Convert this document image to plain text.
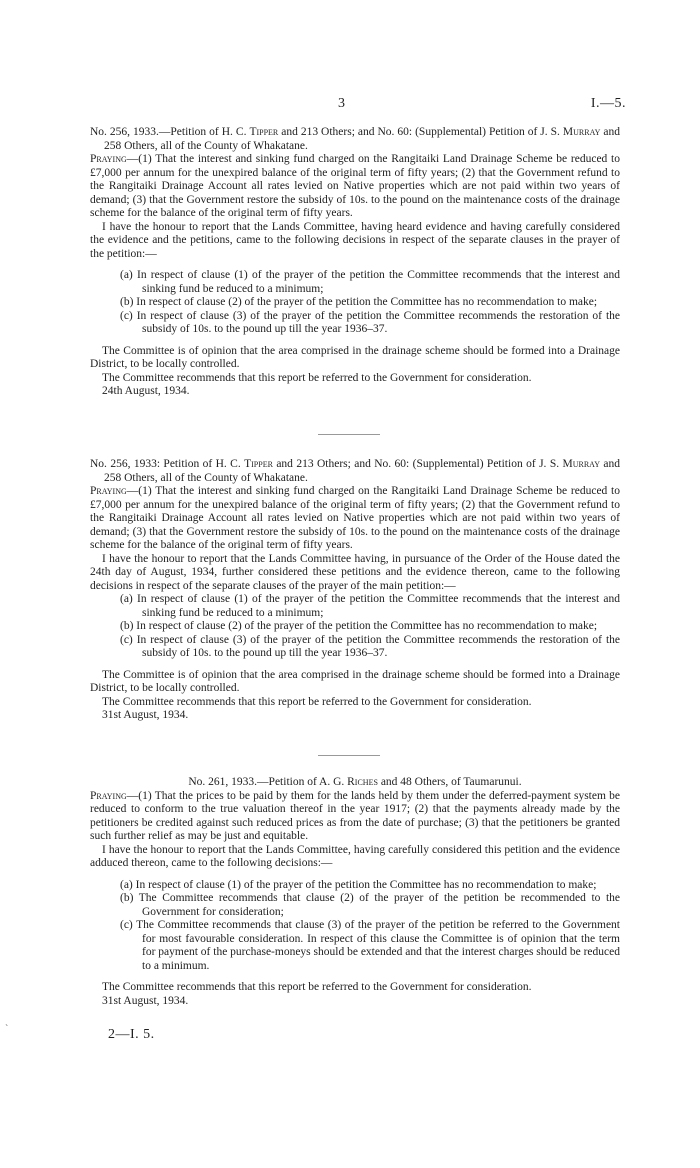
3	I.—5.

No. 256, 1933.—Petition of H. C. Tipper and 213 Others; and No. 60: (Supplemental) Petition of J. S. Murray and 258 Others, all of the County of Whakatane.

Praying—(1) That the interest and sinking fund charged on the Rangitaiki Land Drainage Scheme be reduced to £7,000 per annum for the unexpired balance of the original term of fifty years; (2) that the Government refund to the Rangitaiki Drainage Account all rates levied on Native properties which are not paid within two years of demand; (3) that the Government restore the subsidy of 10s. to the pound on the maintenance costs of the drainage scheme for the balance of the original term of fifty years.

I have the honour to report that the Lands Committee, having heard evidence and having carefully considered the evidence and the petitions, came to the following decisions in respect of the separate clauses in the prayer of the petition:—

(a) In respect of clause (1) of the prayer of the petition the Committee recommends that the interest and sinking fund be reduced to a minimum;

(b) In respect of clause (2) of the prayer of the petition the Committee has no recommendation to make;

(c) In respect of clause (3) of the prayer of the petition the Committee recommends the restoration of the subsidy of 10s. to the pound up till the year 1936–37.

The Committee is of opinion that the area comprised in the drainage scheme should be formed into a Drainage District, to be locally controlled.

The Committee recommends that this report be referred to the Government for consideration.

24th August, 1934.

No. 256, 1933: Petition of H. C. Tipper and 213 Others; and No. 60: (Supplemental) Petition of J. S. Murray and 258 Others, all of the County of Whakatane.

Praying—(1) That the interest and sinking fund charged on the Rangitaiki Land Drainage Scheme be reduced to £7,000 per annum for the unexpired balance of the original term of fifty years; (2) that the Government refund to the Rangitaiki Drainage Account all rates levied on Native properties which are not paid within two years of demand; (3) that the Government restore the subsidy of 10s. to the pound on the maintenance costs of the drainage scheme for the balance of the original term of fifty years.

I have the honour to report that the Lands Committee having, in pursuance of the Order of the House dated the 24th day of August, 1934, further considered these petitions and the evidence thereon, came to the following decisions in respect of the separate clauses of the prayer of the main petition:—

(a) In respect of clause (1) of the prayer of the petition the Committee recommends that the interest and sinking fund be reduced to a minimum;

(b) In respect of clause (2) of the prayer of the petition the Committee has no recommendation to make;

(c) In respect of clause (3) of the prayer of the petition the Committee recommends the restoration of the subsidy of 10s. to the pound up till the year 1936–37.

The Committee is of opinion that the area comprised in the drainage scheme should be formed into a Drainage District, to be locally controlled.

The Committee recommends that this report be referred to the Government for consideration.

31st August, 1934.

No. 261, 1933.—Petition of A. G. Riches and 48 Others, of Taumarunui.

Praying—(1) That the prices to be paid by them for the lands held by them under the deferred-payment system be reduced to conform to the true valuation thereof in the year 1917; (2) that the payments already made by the petitioners be credited against such reduced prices as from the date of purchase; (3) that the petitioners be granted such further relief as may be just and equitable.

I have the honour to report that the Lands Committee, having carefully considered this petition and the evidence adduced thereon, came to the following decisions:—

(a) In respect of clause (1) of the prayer of the petition the Committee has no recommendation to make;

(b) The Committee recommends that clause (2) of the prayer of the petition be recommended to the Government for consideration;

(c) The Committee recommends that clause (3) of the prayer of the petition be referred to the Government for most favourable consideration. In respect of this clause the Committee is of opinion that the term for payment of the purchase-moneys should be extended and that the interest charges should be reduced to a minimum.

The Committee recommends that this report be referred to the Government for consideration.

31st August, 1934.

`	2—I. 5.
